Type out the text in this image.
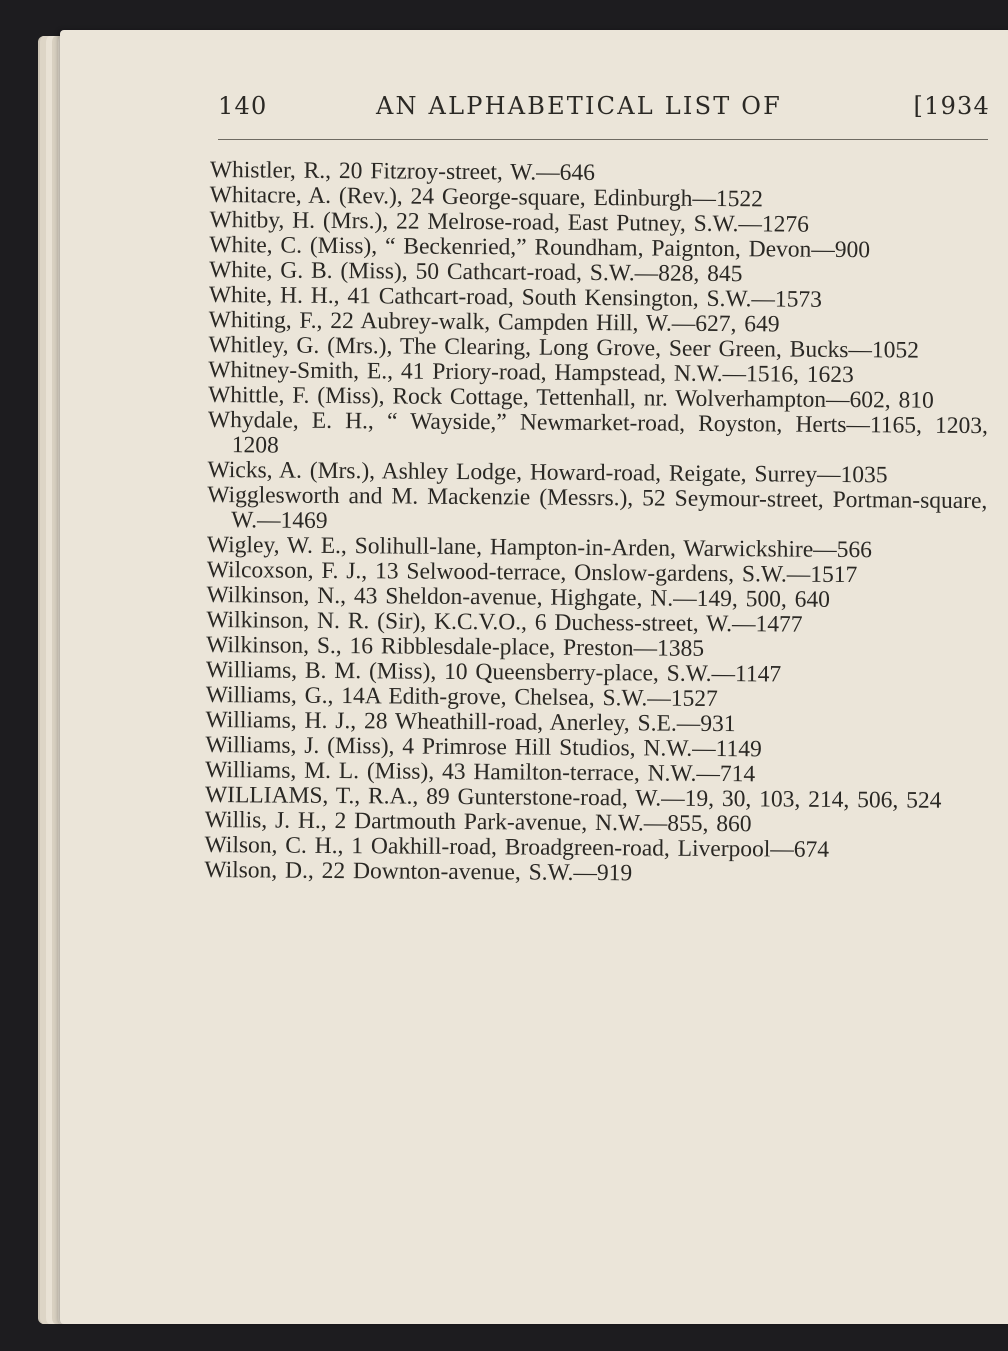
140	AN ALPHABETICAL LIST OF	[1934
Whistler, R., 20 Fitzroy-street, W.—646
Whitacre, A. (Rev.), 24 George-square, Edinburgh—1522
Whitby, H. (Mrs.), 22 Melrose-road, East Putney, S.W.—1276
White, C. (Miss), “ Beckenried,” Roundham, Paignton, Devon—900
White, G. B. (Miss), 50 Cathcart-road, S.W.—828, 845
White, H. H., 41 Cathcart-road, South Kensington, S.W.—1573
Whiting, F., 22 Aubrey-walk, Campden Hill, W.—627, 649
Whitley, G. (Mrs.), The Clearing, Long Grove, Seer Green, Bucks—1052
Whitney-Smith, E., 41 Priory-road, Hampstead, N.W.—1516, 1623
Whittle, F. (Miss), Rock Cottage, Tettenhall, nr. Wolverhampton—602, 810
Whydale, E. H., “ Wayside,” Newmarket-road, Royston, Herts—1165, 1203, 1208
Wicks, A. (Mrs.), Ashley Lodge, Howard-road, Reigate, Surrey—1035
Wigglesworth and M. Mackenzie (Messrs.), 52 Seymour-street, Portman-square, W.—1469
Wigley, W. E., Solihull-lane, Hampton-in-Arden, Warwickshire—566
Wilcoxson, F. J., 13 Selwood-terrace, Onslow-gardens, S.W.—1517
Wilkinson, N., 43 Sheldon-avenue, Highgate, N.—149, 500, 640
Wilkinson, N. R. (Sir), K.C.V.O., 6 Duchess-street, W.—1477
Wilkinson, S., 16 Ribblesdale-place, Preston—1385
Williams, B. M. (Miss), 10 Queensberry-place, S.W.—1147
Williams, G., 14A Edith-grove, Chelsea, S.W.—1527
Williams, H. J., 28 Wheathill-road, Anerley, S.E.—931
Williams, J. (Miss), 4 Primrose Hill Studios, N.W.—1149
Williams, M. L. (Miss), 43 Hamilton-terrace, N.W.—714
WILLIAMS, T., R.A., 89 Gunterstone-road, W.—19, 30, 103, 214, 506, 524
Willis, J. H., 2 Dartmouth Park-avenue, N.W.—855, 860
Wilson, C. H., 1 Oakhill-road, Broadgreen-road, Liverpool—674
Wilson, D., 22 Downton-avenue, S.W.—919
